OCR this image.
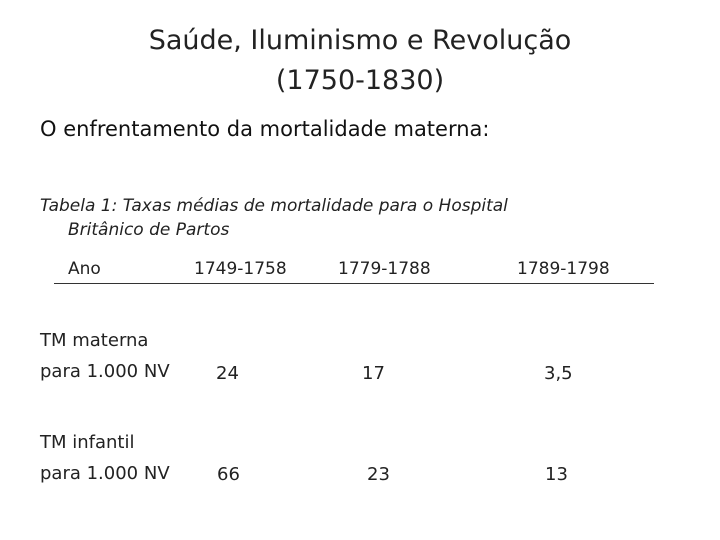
Saúde, Iluminismo e Revolução
(1750-1830)
O enfrentamento da mortalidade materna:
Tabela 1: Taxas médias de mortalidade para o Hospital
Britânico de Partos
Ano	1749-1758	1779-1788	1789-1798
TM materna
para 1.000 NV	24	17	3,5
TM infantil
para 1.000 NV	66	23	13
